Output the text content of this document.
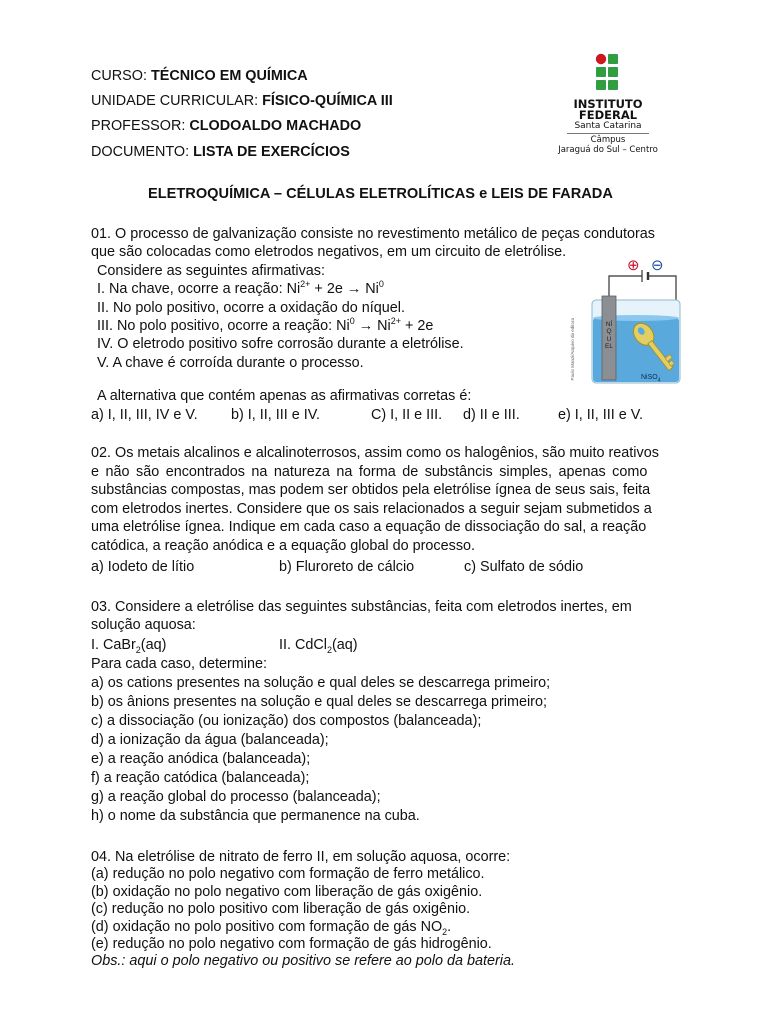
CURSO: TÉCNICO EM QUÍMICA
UNIDADE CURRICULAR: FÍSICO-QUÍMICA III
PROFESSOR: CLODOALDO MACHADO
DOCUMENTO: LISTA DE EXERCÍCIOS
INSTITUTO
FEDERAL
Santa Catarina
Câmpus
Jaraguá do Sul – Centro
ELETROQUÍMICA – CÉLULAS ELETROLÍTICAS e LEIS DE FARADA
01. O processo de galvanização consiste no revestimento metálico de peças condutoras
que são colocadas como eletrodos negativos, em um circuito de eletrólise.
Considere as seguintes afirmativas:
I. Na chave, ocorre a reação: $Ni^{2+} + 2e \to Ni^0$
II. No polo positivo, ocorre a oxidação do níquel.
III. No polo positivo, ocorre a reação: $Ni^0 \to Ni^{2+} + 2e$
IV. O eletrodo positivo sofre corrosão durante a eletrólise.
V. A chave é corroída durante o processo.
A alternativa que contém apenas as afirmativas corretas é:
a) I, II, III, IV e V. b) I, II, III e IV.	C) I, II e III. d) II e III.	e) I, II, III e V.
⊕ ⊖
NÍQUEL
NiSO$_4$
Paulo Manzi/Arquivo da editora
02. Os metais alcalinos e alcalinoterrosos, assim como os halogênios, são muito reativos
e não são encontrados na natureza na forma de substâncis simples, apenas como
substâncias compostas, mas podem ser obtidos pela eletrólise ígnea de seus sais, feita
com eletrodos inertes. Considere que os sais relacionados a seguir sejam submetidos a
uma eletrólise ígnea. Indique em cada caso a equação de dissociação do sal, a reação
catódica, a reação anódica e a equação global do processo.
a) Iodeto de lítio	b) Fluroreto de cálcio	c) Sulfato de sódio
03. Considere a eletrólise das seguintes substâncias, feita com eletrodos inertes, em
solução aquosa:
I. CaBr$_2$(aq)	II. CdCl$_2$(aq)
Para cada caso, determine:
a) os cations presentes na solução e qual deles se descarrega primeiro;
b) os ânions presentes na solução e qual deles se descarrega primeiro;
c) a dissociação (ou ionização) dos compostos (balanceada);
d) a ionização da água (balanceada);
e) a reação anódica (balanceada);
f) a reação catódica (balanceada);
g) a reação global do processo (balanceada);
h) o nome da substância que permanence na cuba.
04. Na eletrólise de nitrato de ferro II, em solução aquosa, ocorre:
(a) redução no polo negativo com formação de ferro metálico.
(b) oxidação no polo negativo com liberação de gás oxigênio.
(c) redução no polo positivo com liberação de gás oxigênio.
(d) oxidação no polo positivo com formação de gás $NO_2$.
(e) redução no polo negativo com formação de gás hidrogênio.
Obs.: aqui o polo negativo ou positivo se refere ao polo da bateria.
